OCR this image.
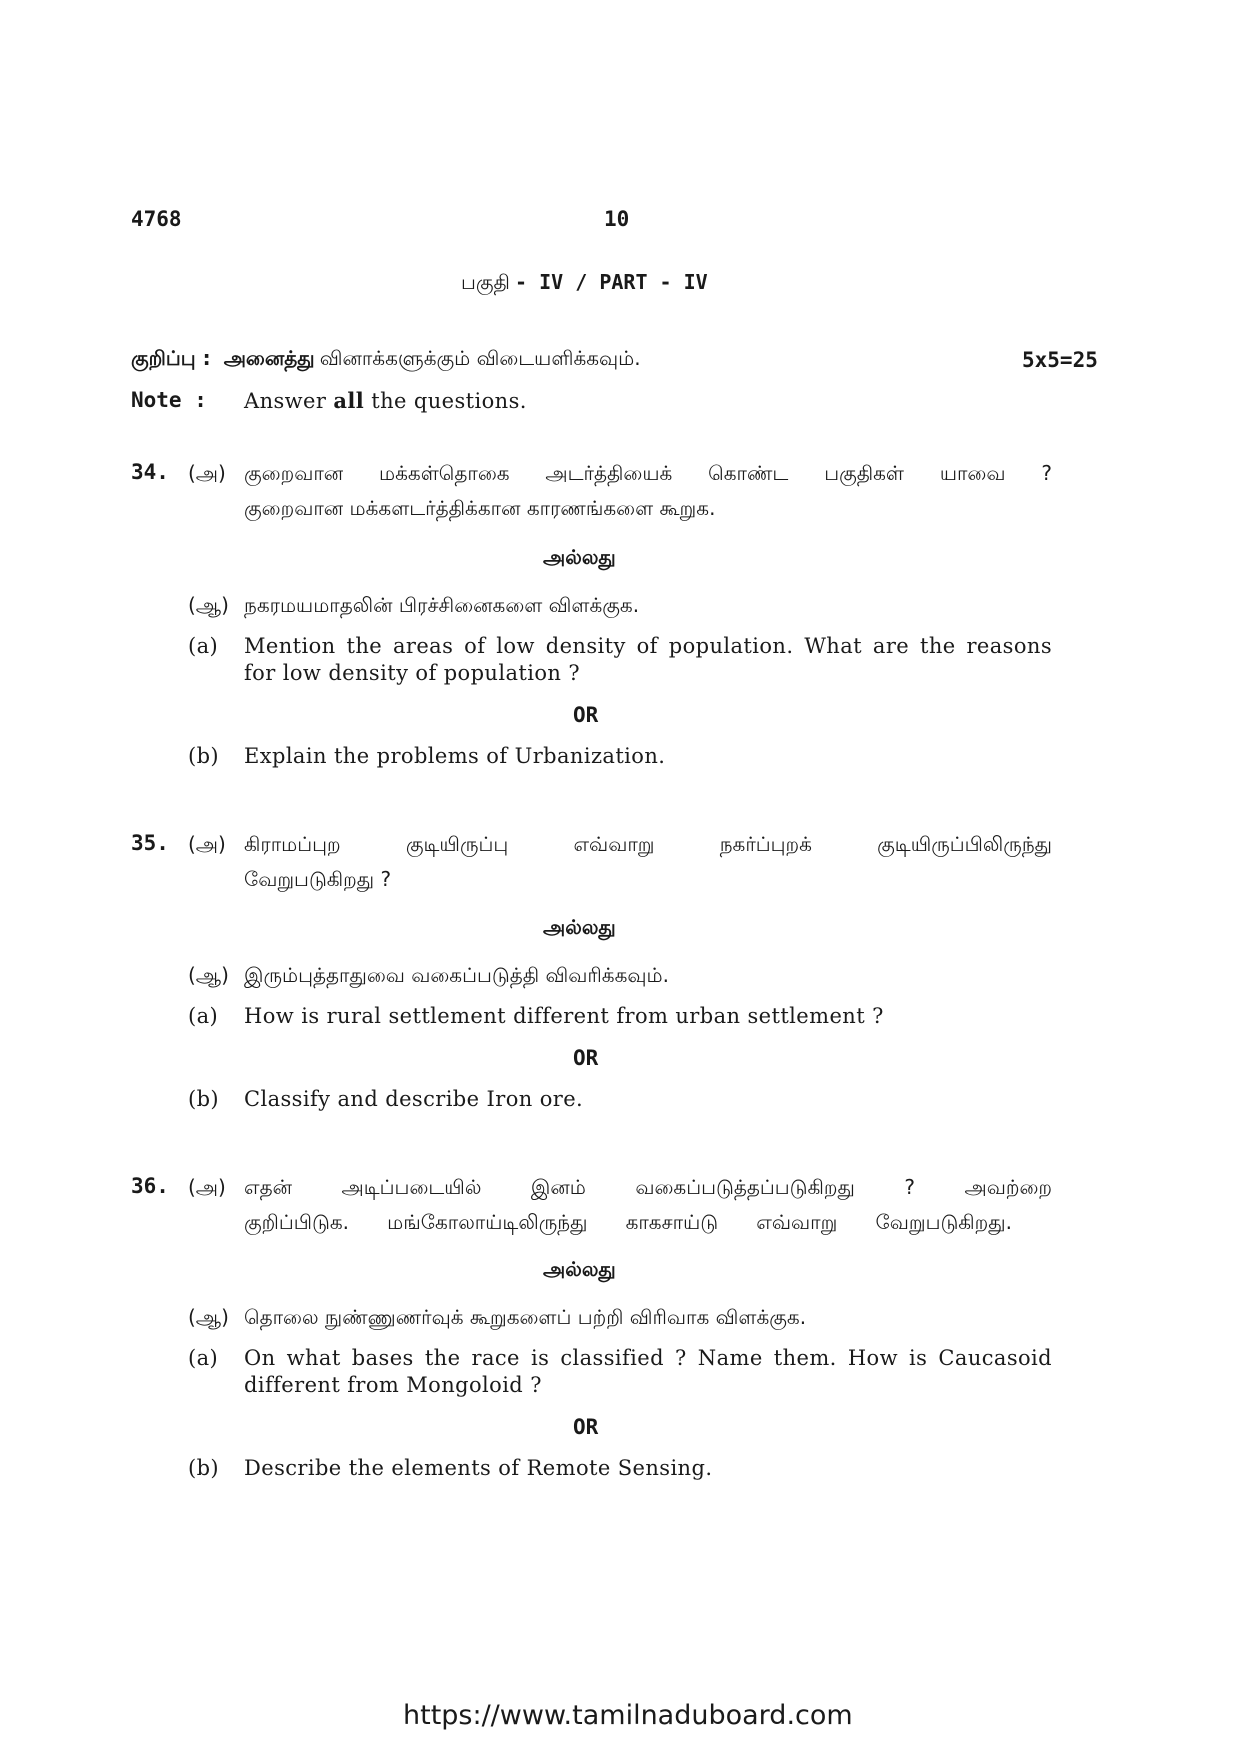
4768	10
பகுதி - IV / PART - IV
குறிப்பு : அனைத்து வினாக்களுக்கும் விடையளிக்கவும்.	5x5=25
Note : Answer all the questions.
34. (அ) குறைவான மக்கள்தொகை அடர்த்தியைக் கொண்ட பகுதிகள் யாவை ?
குறைவான மக்களடர்த்திக்கான காரணங்களை கூறுக.
அல்லது
(ஆ) நகரமயமாதலின் பிரச்சினைகளை விளக்குக.
(a) Mention the areas of low density of population. What are the reasons
for low density of population ?
OR
(b) Explain the problems of Urbanization.
35. (அ) கிராமப்புற குடியிருப்பு எவ்வாறு நகர்ப்புறக் குடியிருப்பிலிருந்து
வேறுபடுகிறது ?
அல்லது
(ஆ) இரும்புத்தாதுவை வகைப்படுத்தி விவரிக்கவும்.
(a) How is rural settlement different from urban settlement ?
OR
(b) Classify and describe Iron ore.
36. (அ) எதன் அடிப்படையில் இனம் வகைப்படுத்தப்படுகிறது ? அவற்றை
குறிப்பிடுக. மங்கோலாய்டிலிருந்து காகசாய்டு எவ்வாறு வேறுபடுகிறது.
அல்லது
(ஆ) தொலை நுண்ணுணர்வுக் கூறுகளைப் பற்றி விரிவாக விளக்குக.
(a) On what bases the race is classified ? Name them. How is Caucasoid
different from Mongoloid ?
OR
(b) Describe the elements of Remote Sensing.
https://www.tamilnaduboard.com
